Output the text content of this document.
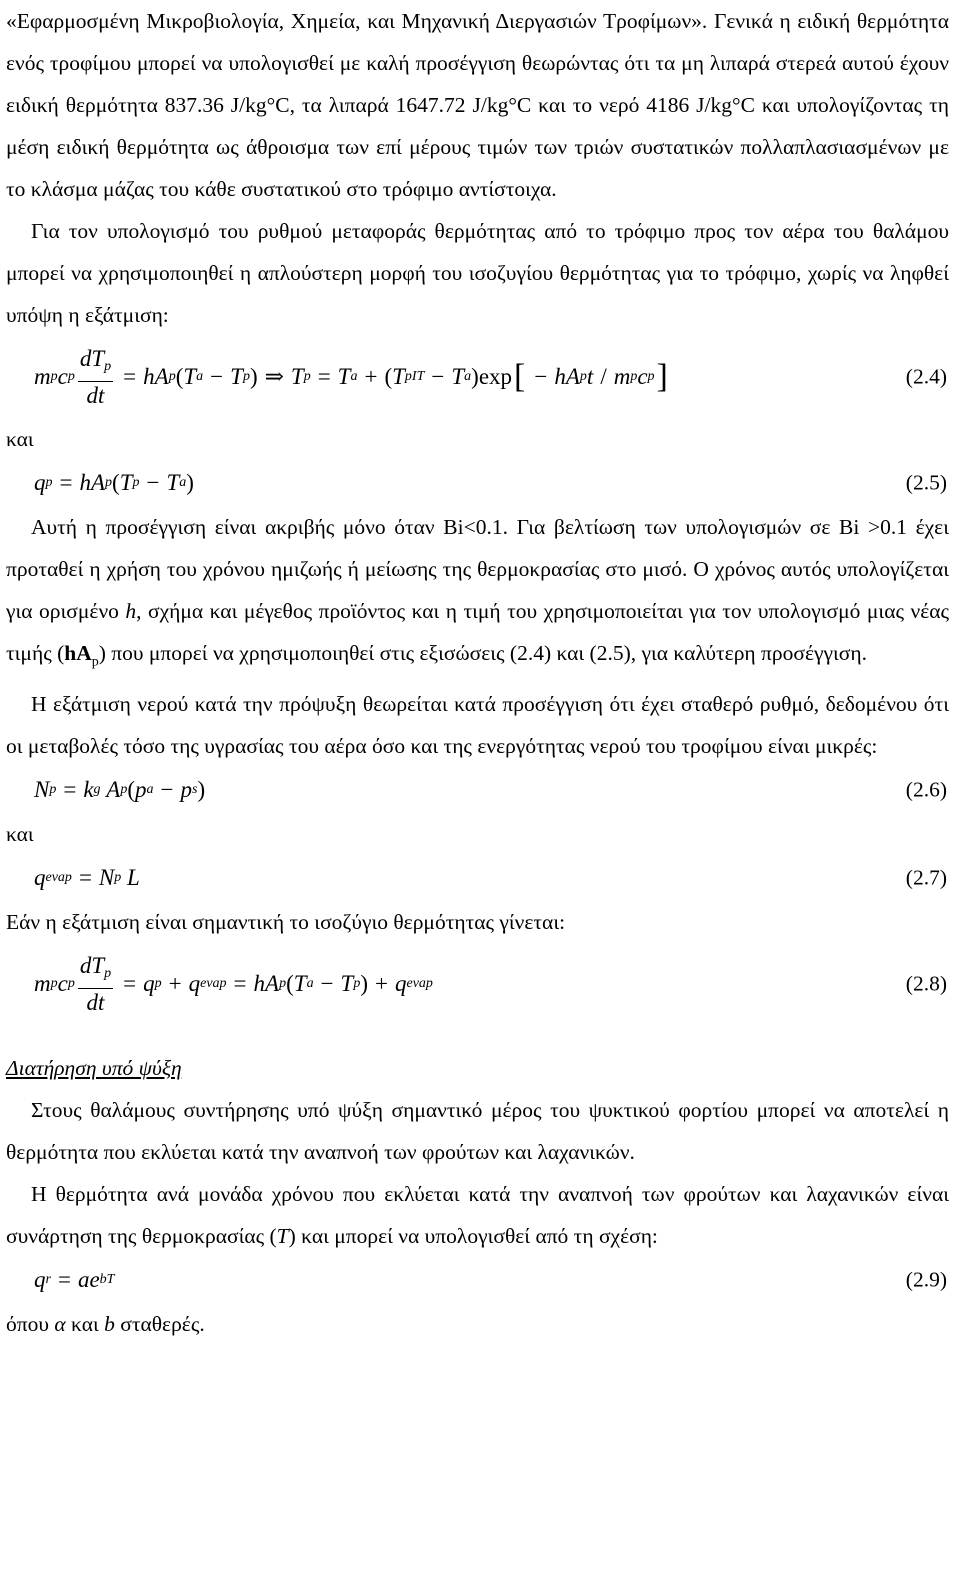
«Εφαρμοσμένη Μικροβιολογία, Χημεία, και Μηχανική Διεργασιών Τροφίμων». Γενικά η ειδική θερμότητα ενός τροφίμου μπορεί να υπολογισθεί με καλή προσέγγιση θεωρώντας ότι τα μη λιπαρά στερεά αυτού έχουν ειδική θερμότητα 837.36 J/kg°C, τα λιπαρά 1647.72 J/kg°C και το νερό 4186 J/kg°C και υπολογίζοντας τη μέση ειδική θερμότητα ως άθροισμα των επί μέρους τιμών των τριών συστατικών πολλαπλασιασμένων με το κλάσμα μάζας του κάθε συστατικού στο τρόφιμο αντίστοιχα.

Για τον υπολογισμό του ρυθμού μεταφοράς θερμότητας από το τρόφιμο προς τον αέρα του θαλάμου μπορεί να χρησιμοποιηθεί η απλούστερη μορφή του ισοζυγίου θερμότητας για το τρόφιμο, χωρίς να ληφθεί υπόψη η εξάτμιση:

m p c p $\frac{dT_p}{dt}$ = hA p ( T a − T p ) ⇒ T p = T a + ( T pIT − T a ) exp [ − hA p t / m p c p ]	(2.4)

και

q p = hA p ( T p − T a )	(2.5)

Αυτή η προσέγγιση είναι ακριβής μόνο όταν Bi<0.1. Για βελτίωση των υπολογισμών σε Bi >0.1 έχει προταθεί η χρήση του χρόνου ημιζωής ή μείωσης της θερμοκρασίας στο μισό. Ο χρόνος αυτός υπολογίζεται για ορισμένο h, σχήμα και μέγεθος προϊόντος και η τιμή του χρησιμοποιείται για τον υπολογισμό μιας νέας τιμής $(hA_p)$ που μπορεί να χρησιμοποιηθεί στις εξισώσεις (2.4) και (2.5), για καλύτερη προσέγγιση.

Η εξάτμιση νερού κατά την πρόψυξη θεωρείται κατά προσέγγιση ότι έχει σταθερό ρυθμό, δεδομένου ότι οι μεταβολές τόσο της υγρασίας του αέρα όσο και της ενεργότητας νερού του τροφίμου είναι μικρές:

N p = k g A p ( p a − p s )	(2.6)

και

q evap = N p L	(2.7)

Εάν η εξάτμιση είναι σημαντική το ισοζύγιο θερμότητας γίνεται:

m p c p $\frac{dT_p}{dt} = q$ p + q evap = hA p ( T a − T p ) + q evap	(2.8)

Διατήρηση υπό ψύξη

Στους θαλάμους συντήρησης υπό ψύξη σημαντικό μέρος του ψυκτικού φορτίου μπορεί να αποτελεί η θερμότητα που εκλύεται κατά την αναπνοή των φρούτων και λαχανικών.

Η θερμότητα ανά μονάδα χρόνου που εκλύεται κατά την αναπνοή των φρούτων και λαχανικών είναι συνάρτηση της θερμοκρασίας (T) και μπορεί να υπολογισθεί από τη σχέση:

q r = ae bT	(2.9)

όπου α και b σταθερές.
